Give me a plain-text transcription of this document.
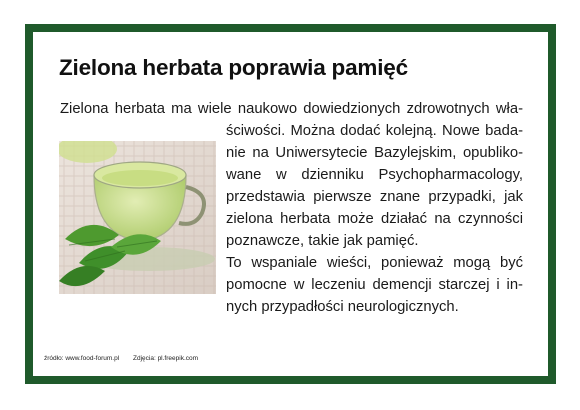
Zielona herbata poprawia pamięć
Zielona herbata ma wiele naukowo dowiedzionych zdrowotnych wła-
ściwości. Można dodać kolejną. Nowe bada-
nie na Uniwersytecie Bazylejskim, opubliko-
wane w dzienniku Psychopharmacology,
przedstawia pierwsze znane przypadki, jak
zielona herbata może działać na czynności
poznawcze, takie jak pamięć.
To wspaniale wieści, ponieważ mogą być
pomocne w leczeniu demencji starczej i in-
nych przypadłości neurologicznych.
źródło: www.food-forum.pl Zdjęcia: pl.freepik.com
